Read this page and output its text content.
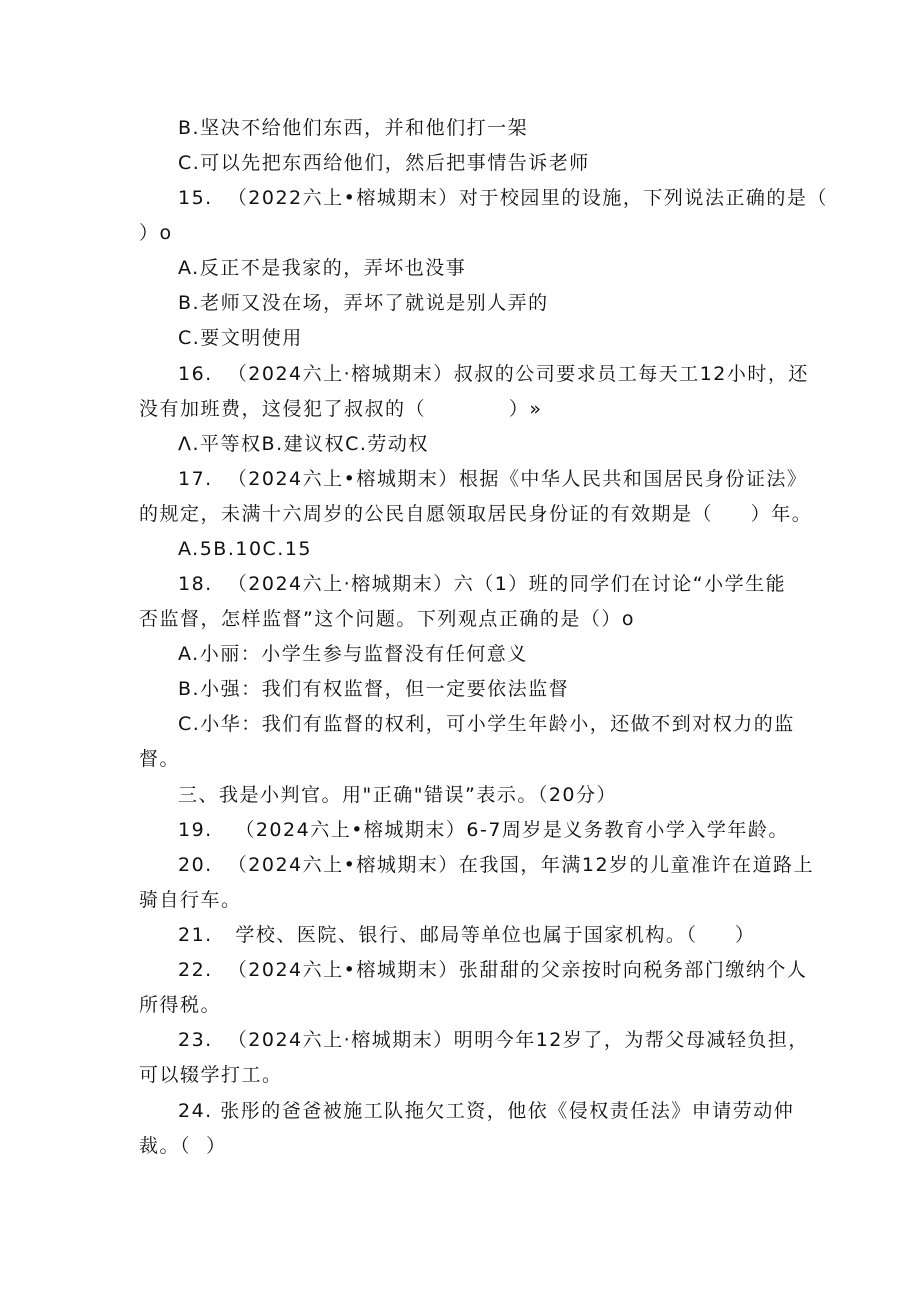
B.坚决不给他们东西，并和他们打一架
C.可以先把东西给他们，然后把事情告诉老师
15.  （2022六上•榕城期末）对于校园里的设施，下列说法正确的是（
）o
A.反正不是我家的，弄坏也没事
B.老师又没在场，弄坏了就说是别人弄的
C.要文明使用
16.  （2024六上·榕城期末）叔叔的公司要求员工每天工12小时，还
没有加班费，这侵犯了叔叔的（           ）»
Λ.平等权B.建议权C.劳动权
17.  （2024六上•榕城期末）根据《中华人民共和国居民身份证法》
的规定，未满十六周岁的公民自愿领取居民身份证的有效期是（     ）年。
A.5B.10C.15
18.  （2024六上·榕城期末）六（1）班的同学们在讨论“小学生能
否监督，怎样监督”这个问题。下列观点正确的是（）o
A.小丽：小学生参与监督没有任何意义
B.小强：我们有权监督，但一定要依法监督
C.小华：我们有监督的权利，可小学生年龄小，还做不到对权力的监
督。
三、我是小判官。用"正确"错误”表示。（20分）
19.   （2024六上•榕城期末）6-7周岁是义务教育小学入学年龄。
20.  （2024六上•榕城期末）在我国，年满12岁的儿童准许在道路上
骑自行车。
21.   学校、医院、银行、邮局等单位也属于国家机构。（     ）
22.  （2024六上•榕城期末）张甜甜的父亲按时向税务部门缴纳个人
所得税。
23.  （2024六上·榕城期末）明明今年12岁了，为帮父母减轻负担，
可以辍学打工。
24. 张彤的爸爸被施工队拖欠工资，他依《侵权责任法》申请劳动仲
裁。（  ）
